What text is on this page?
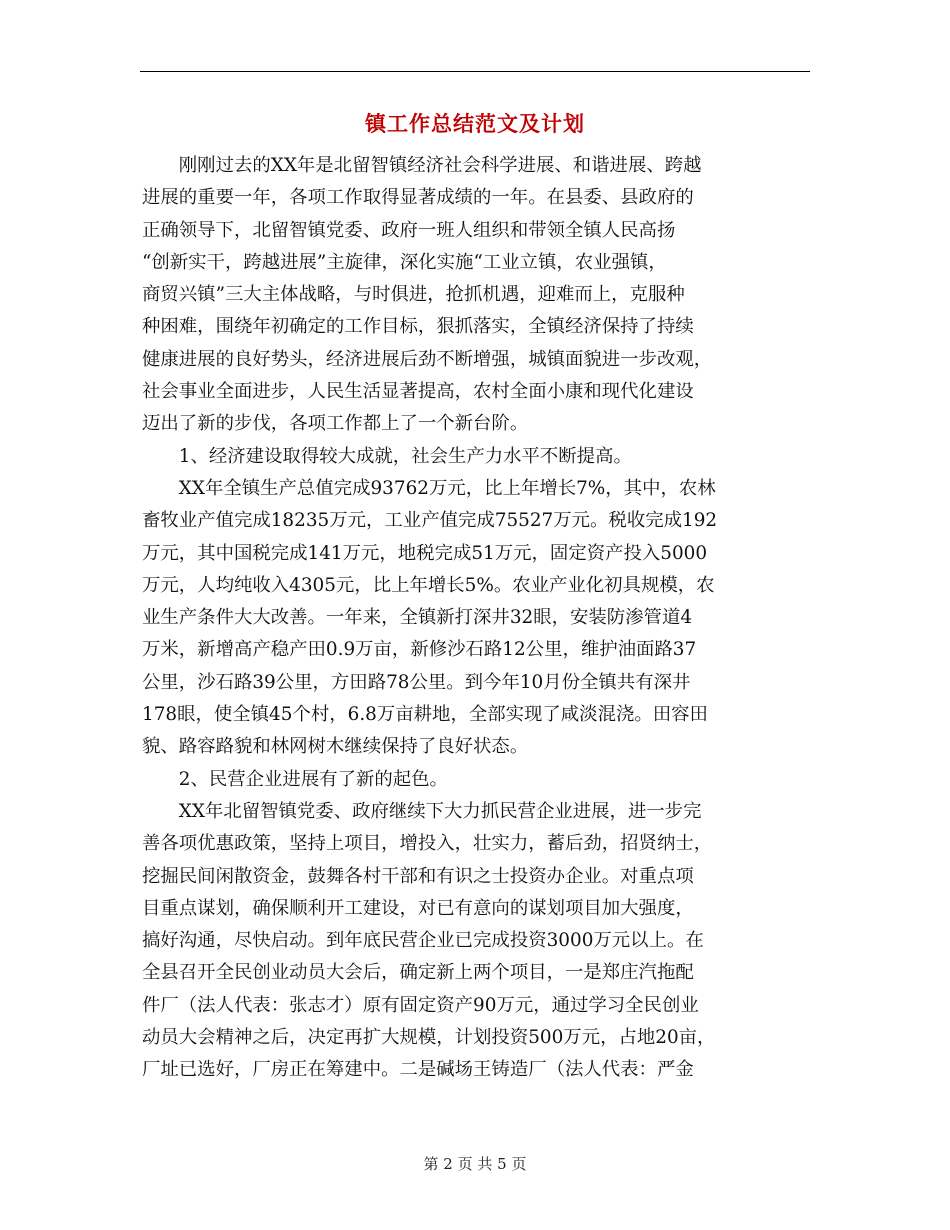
镇工作总结范文及计划
　　刚刚过去的XX年是北留智镇经济社会科学进展、和谐进展、跨越
进展的重要一年，各项工作取得显著成绩的一年。在县委、县政府的
正确领导下，北留智镇党委、政府一班人组织和带领全镇人民高扬
“创新实干，跨越进展”主旋律，深化实施“工业立镇，农业强镇，
商贸兴镇”三大主体战略，与时俱进，抢抓机遇，迎难而上，克服种
种困难，围绕年初确定的工作目标，狠抓落实，全镇经济保持了持续
健康进展的良好势头，经济进展后劲不断增强，城镇面貌进一步改观，
社会事业全面进步，人民生活显著提高，农村全面小康和现代化建设
迈出了新的步伐，各项工作都上了一个新台阶。
　　1、经济建设取得较大成就，社会生产力水平不断提高。
　　XX年全镇生产总值完成93762万元，比上年增长7%，其中，农林
畜牧业产值完成18235万元，工业产值完成75527万元。税收完成192
万元，其中国税完成141万元，地税完成51万元，固定资产投入5000
万元，人均纯收入4305元，比上年增长5%。农业产业化初具规模，农
业生产条件大大改善。一年来，全镇新打深井32眼，安装防渗管道4
万米，新增高产稳产田0.9万亩，新修沙石路12公里，维护油面路37
公里，沙石路39公里，方田路78公里。到今年10月份全镇共有深井
178眼，使全镇45个村，6.8万亩耕地，全部实现了咸淡混浇。田容田
貌、路容路貌和林网树木继续保持了良好状态。
　　2、民营企业进展有了新的起色。
　　XX年北留智镇党委、政府继续下大力抓民营企业进展，进一步完
善各项优惠政策，坚持上项目，增投入，壮实力，蓄后劲，招贤纳士，
挖掘民间闲散资金，鼓舞各村干部和有识之士投资办企业。对重点项
目重点谋划，确保顺利开工建设，对已有意向的谋划项目加大强度，
搞好沟通，尽快启动。到年底民营企业已完成投资3000万元以上。在
全县召开全民创业动员大会后，确定新上两个项目，一是郑庄汽拖配
件厂（法人代表：张志才）原有固定资产90万元，通过学习全民创业
动员大会精神之后，决定再扩大规模，计划投资500万元，占地20亩，
厂址已选好，厂房正在筹建中。二是碱场王铸造厂（法人代表：严金
第 2 页 共 5 页
